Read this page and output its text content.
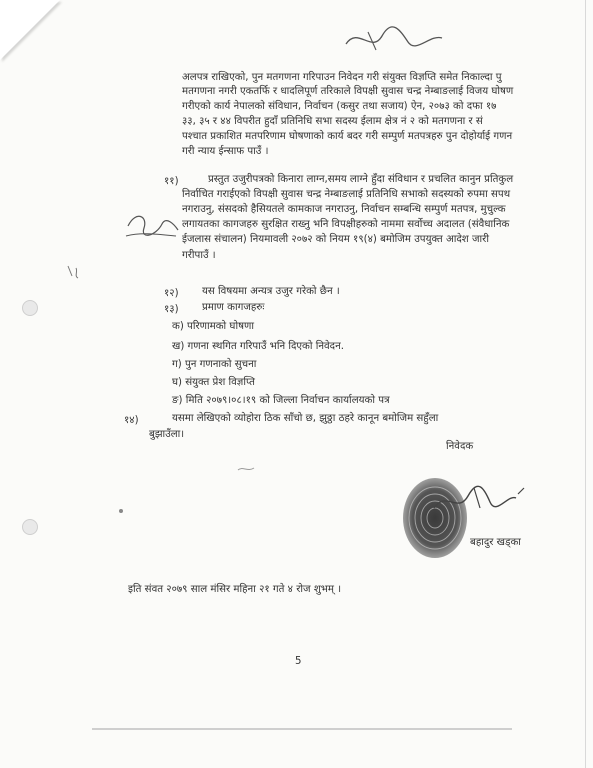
अलपत्र राखिएको, पुन मतगणना गरिपाउन निवेदन गरी संयुक्त विज्ञप्ति समेत निकाल्दा पु
मतगणना नगरी एकतर्फि र धादलिपूर्ण तरिकाले विपक्षी सुवास चन्द्र नेम्बाङलाई विजय घोषण
गरीएको कार्य नेपालको संविधान, निर्वाचन (कसुर तथा सजाय) ऐन, २०७३ को दफा १७
३३, ३५ र ४४ विपरीत हुदाँ प्रतिनिधि सभा सदस्य ईलाम क्षेत्र नं २ को मतगणना र सं
पश्चात प्रकाशित मतपरिणाम घोषणाको कार्य बदर गरी सम्पुर्ण मतपत्रहरु पुन दोहोर्याई गणन
गरी न्याय ईन्साफ पाउँ ।
११)	प्रस्तुत उजुरीपत्रको किनारा लाग्न,समय लाग्ने हुँदा संविधान र प्रचलित कानुन प्रतिकुल
निर्वाचित गराईएको विपक्षी सुवास चन्द्र नेम्बाङलाई प्रतिनिधि सभाको सदस्यको रुपमा सपथ
नगराउनु, संसदको हैसियतले कामकाज नगराउनु, निर्वाचन सम्बन्धि सम्पुर्ण मतपत्र, मुचुल्क
लगायतका कागजहरु सुरक्षित राख्नु भनि विपक्षीहरुको नाममा सर्वोच्च अदालत (संवैधानिक
ईजलास संचालन) नियमावली २०७२ को नियम १९(४) बमोजिम उपयुक्त आदेश जारी
गरीपाउँ ।
१२) यस विषयमा अन्यत्र उजुर गरेको छैन ।
१३) प्रमाण कागजहरुः
क) परिणामको घोषणा
ख) गणना स्थगित गरिपाउँ भनि दिएको निवेदन.
ग) पुन गणनाको सुचना
घ) संयुक्त प्रेश विज्ञप्ति
ङ) मिति २०७९।०८।१९ को जिल्ला निर्वाचन कार्यालयको पत्र
१४)	यसमा लेखिएको व्योहोरा ठिक साँचो छ, झुठ्ठा ठहरे कानून बमोजिम सहुँला
बुझाउँला।
निवेदक
बहादुर खड्का
इति संवत २०७९ साल मंसिर महिना २१ गते ४ रोज शुभम् ।
5
